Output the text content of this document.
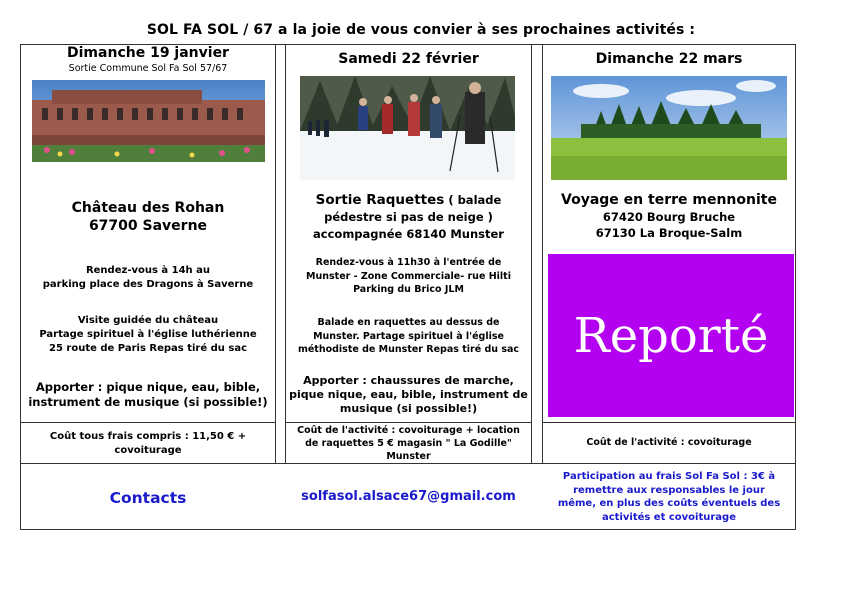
SOL FA SOL / 67 a la joie de vous convier à ses prochaines activités :
Dimanche 19 janvier
Sortie Commune Sol Fa Sol 57/67
Château des Rohan
67700 Saverne
Rendez-vous à 14h au
parking place des Dragons à Saverne
Visite guidée du château
Partage spirituel à l'église luthérienne
25 route de Paris Repas tiré du sac
Apporter : pique nique, eau, bible,
instrument de musique (si possible!)
Coût tous frais compris : 11,50 € +
covoiturage
Samedi 22 février
Sortie Raquettes ( balade
pédestre si pas de neige )
accompagnée 68140 Munster
Rendez-vous à 11h30 à l'entrée de
Munster - Zone Commerciale- rue Hilti
Parking du Brico JLM
Balade en raquettes au dessus de
Munster. Partage spirituel à l'église
méthodiste de Munster Repas tiré du sac
Apporter : chaussures de marche,
pique nique, eau, bible, instrument de
musique (si possible!)
Coût de l'activité : covoiturage + location
de raquettes 5 € magasin " La Godille"
Munster
Dimanche 22 mars
Voyage en terre mennonite
67420 Bourg Bruche
67130 La Broque-Salm
Reporté
Coût de l'activité : covoiturage
Contacts	solfasol.alsace67@gmail.com
Participation au frais Sol Fa Sol : 3€ à
remettre aux responsables le jour
même, en plus des coûts éventuels des
activités et covoiturage
